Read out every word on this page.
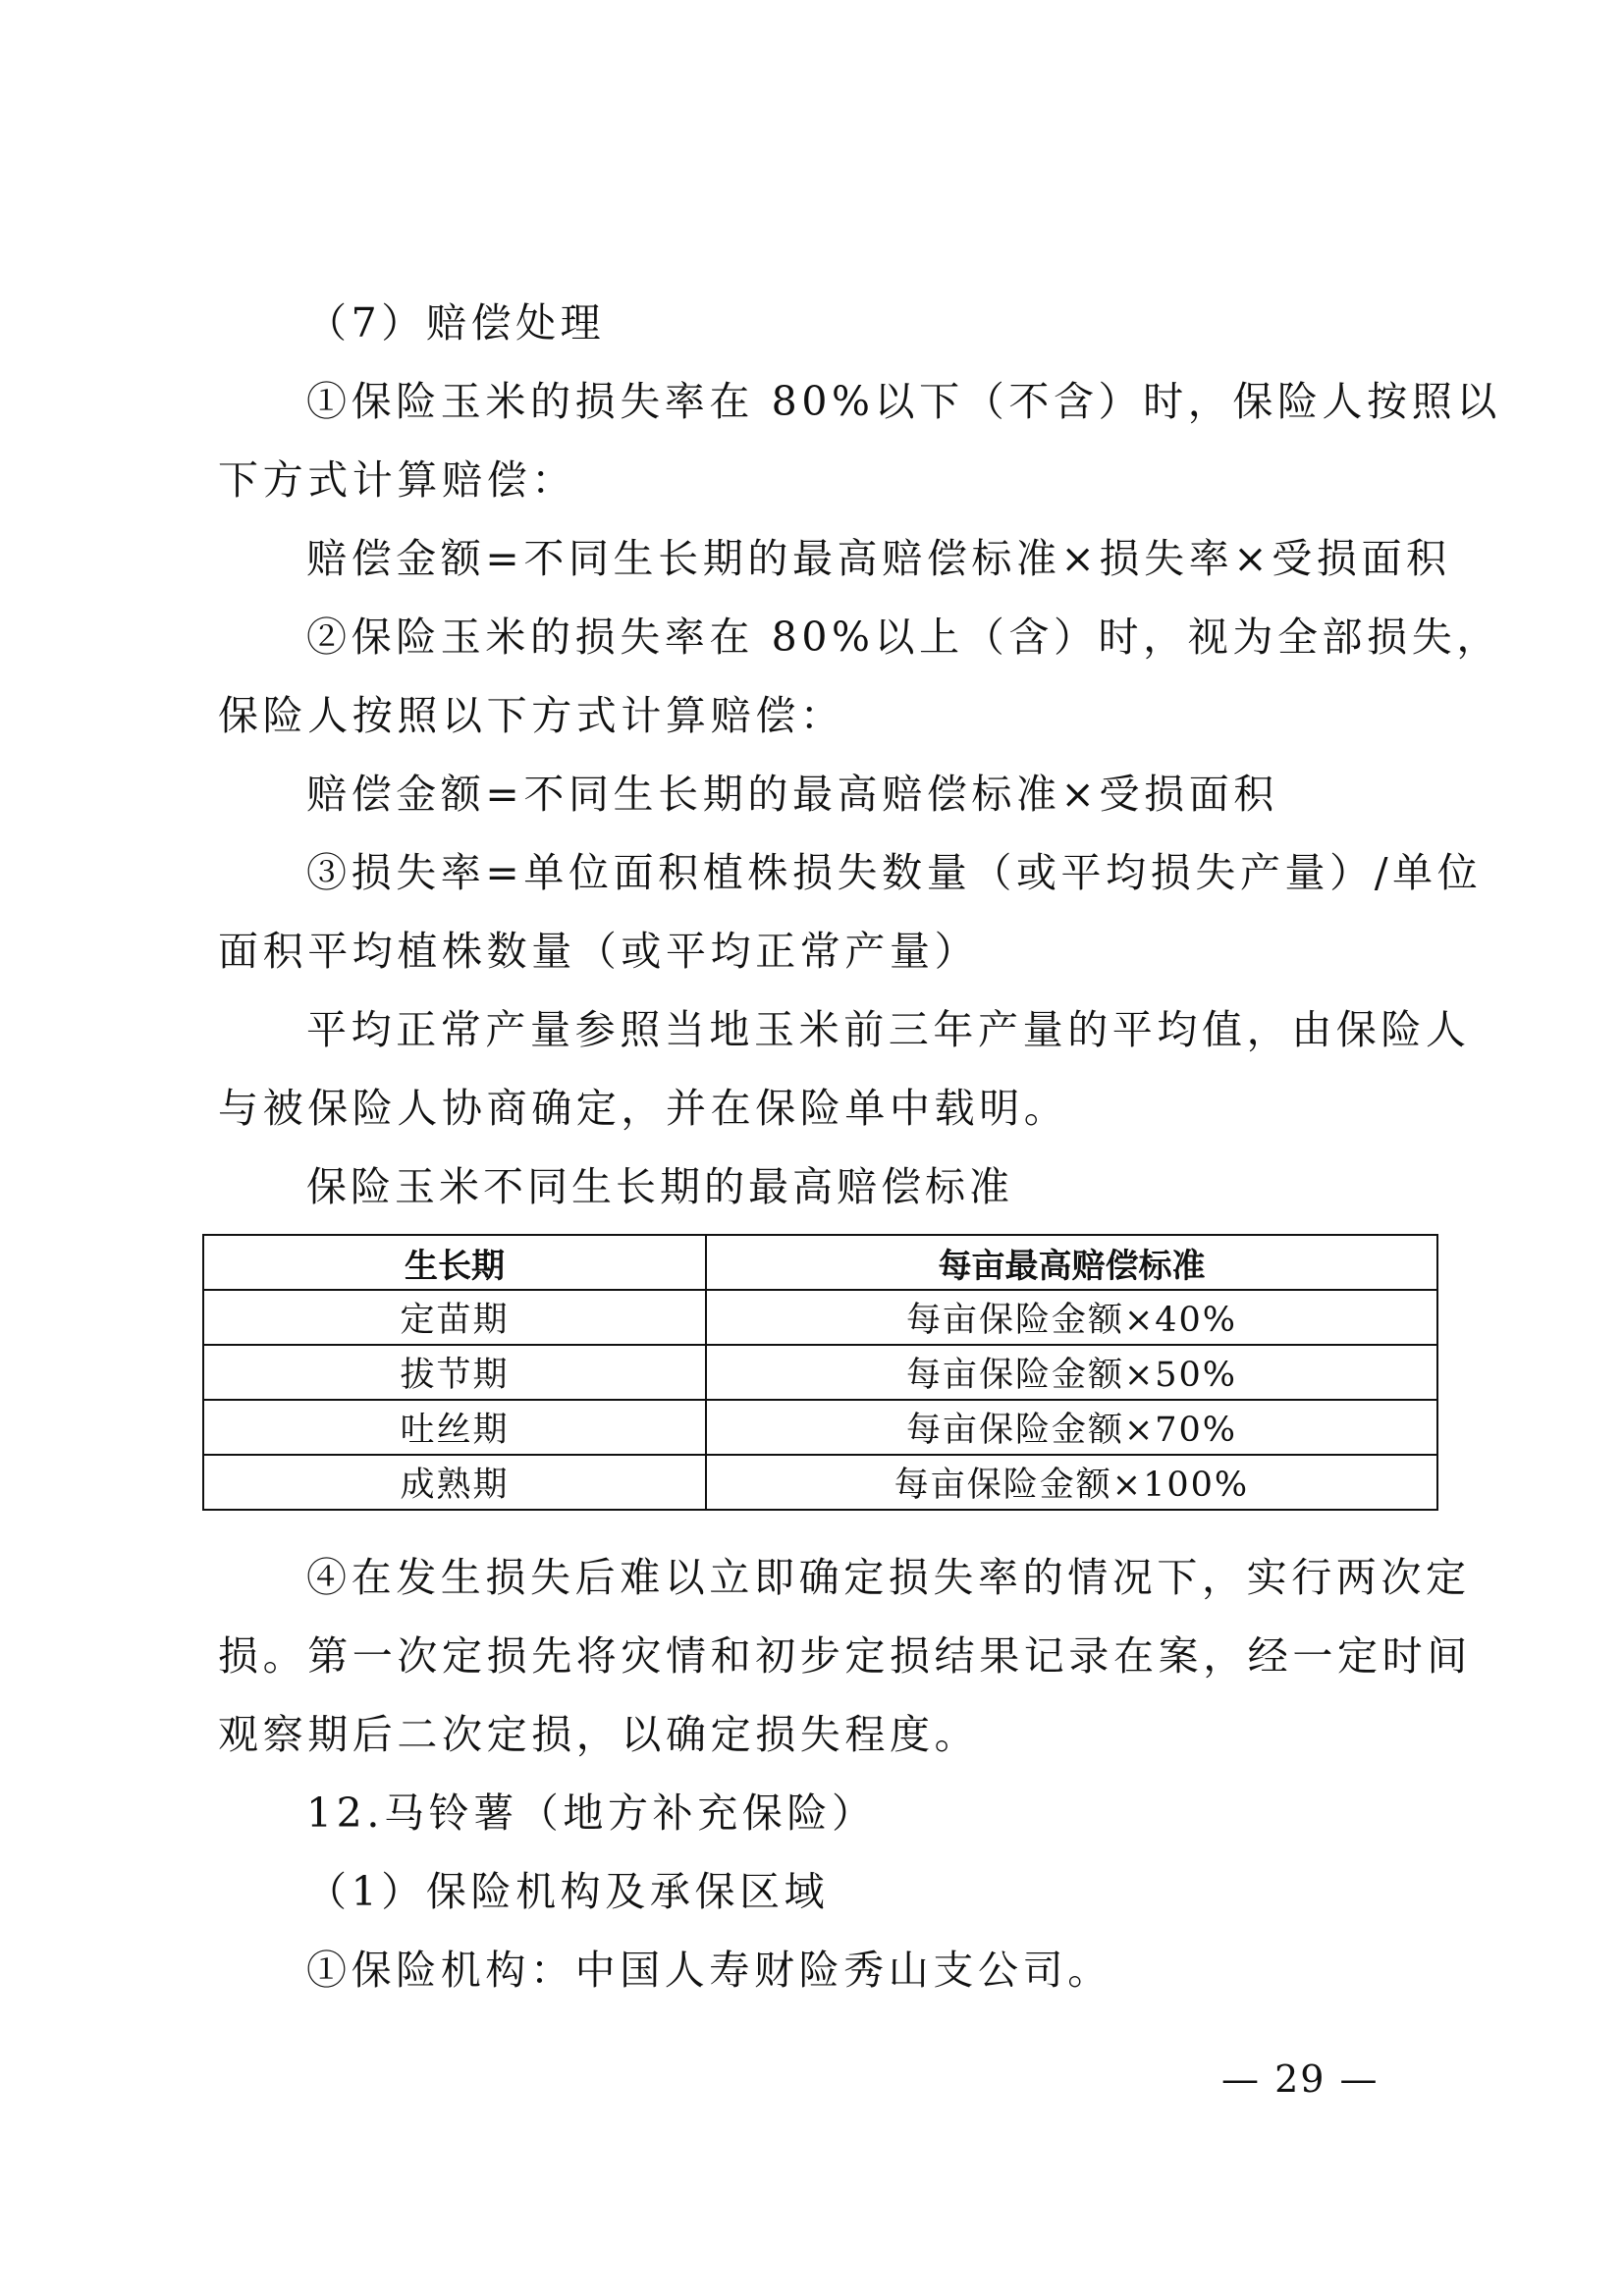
（7）赔偿处理
①保险玉米的损失率在 80%以下（不含）时，保险人按照以
下方式计算赔偿：
赔偿金额=不同生长期的最高赔偿标准×损失率×受损面积
②保险玉米的损失率在 80%以上（含）时，视为全部损失，
保险人按照以下方式计算赔偿：
赔偿金额=不同生长期的最高赔偿标准×受损面积
③损失率=单位面积植株损失数量（或平均损失产量）/单位
面积平均植株数量（或平均正常产量）
平均正常产量参照当地玉米前三年产量的平均值，由保险人
与被保险人协商确定，并在保险单中载明。
保险玉米不同生长期的最高赔偿标准
生长期	每亩最高赔偿标准
定苗期	每亩保险金额×40%
拔节期	每亩保险金额×50%
吐丝期	每亩保险金额×70%
成熟期	每亩保险金额×100%
④在发生损失后难以立即确定损失率的情况下，实行两次定
损。第一次定损先将灾情和初步定损结果记录在案，经一定时间
观察期后二次定损，以确定损失程度。
12.马铃薯（地方补充保险）
（1）保险机构及承保区域
①保险机构：中国人寿财险秀山支公司。
— 29 —
